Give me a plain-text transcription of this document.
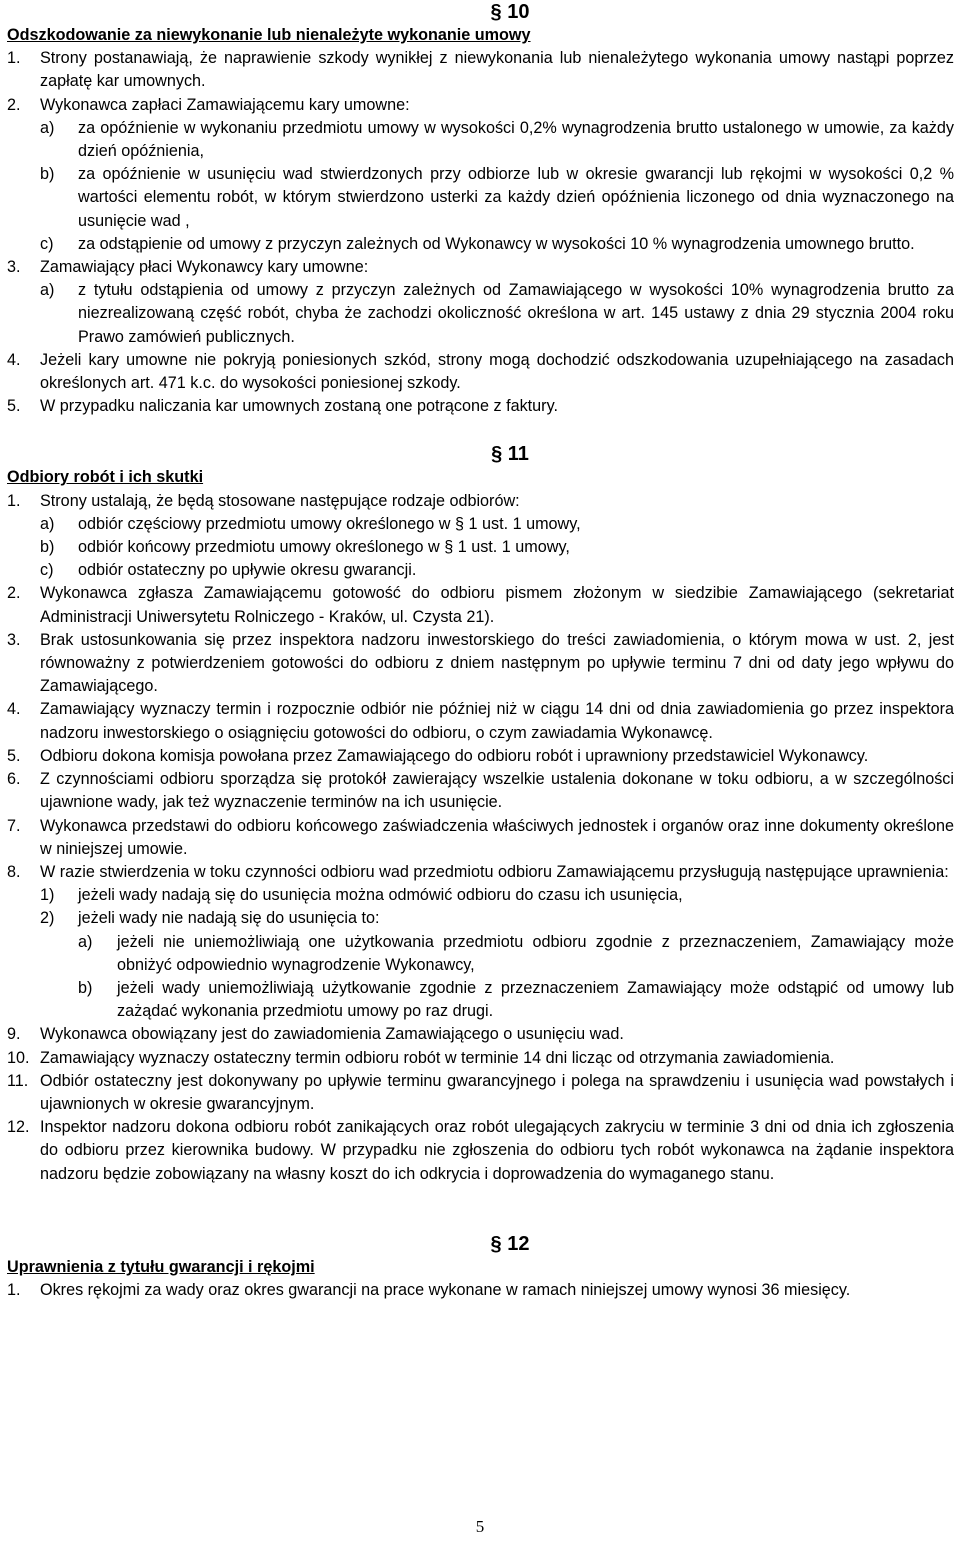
§ 10
Odszkodowanie za niewykonanie lub nienależyte wykonanie umowy
1. Strony postanawiają, że naprawienie szkody wynikłej z niewykonania lub nienależytego wykonania umowy nastąpi poprzez zapłatę kar umownych.
2. Wykonawca zapłaci Zamawiającemu kary umowne:
a) za opóźnienie w wykonaniu przedmiotu umowy w wysokości 0,2% wynagrodzenia brutto ustalonego w umowie, za każdy dzień opóźnienia,
b) za opóźnienie w usunięciu wad stwierdzonych przy odbiorze lub w okresie gwarancji lub rękojmi w wysokości 0,2 % wartości elementu robót, w którym stwierdzono usterki za każdy dzień opóźnienia liczonego od dnia wyznaczonego na usunięcie wad ,
c) za odstąpienie od umowy z przyczyn zależnych od Wykonawcy w wysokości 10 % wynagrodzenia umownego brutto.
3. Zamawiający płaci Wykonawcy kary umowne:
a) z tytułu odstąpienia od umowy z przyczyn zależnych od Zamawiającego w wysokości 10% wynagrodzenia brutto za niezrealizowaną część robót, chyba że zachodzi okoliczność określona w art. 145 ustawy z dnia 29 stycznia 2004 roku Prawo zamówień publicznych.
4. Jeżeli kary umowne nie pokryją poniesionych szkód, strony mogą dochodzić odszkodowania uzupełniającego na zasadach określonych art. 471 k.c. do wysokości poniesionej szkody.
5. W przypadku naliczania kar umownych zostaną one potrącone z faktury.
§ 11
Odbiory robót i ich skutki
1. Strony ustalają, że będą stosowane następujące rodzaje odbiorów:
a) odbiór częściowy przedmiotu umowy określonego w § 1 ust. 1 umowy,
b) odbiór końcowy przedmiotu umowy określonego w § 1 ust. 1 umowy,
c) odbiór ostateczny po upływie okresu gwarancji.
2. Wykonawca zgłasza Zamawiającemu gotowość do odbioru pismem złożonym w siedzibie Zamawiającego (sekretariat Administracji Uniwersytetu Rolniczego - Kraków, ul. Czysta 21).
3. Brak ustosunkowania się przez inspektora nadzoru inwestorskiego do treści zawiadomienia, o którym mowa w ust. 2, jest równoważny z potwierdzeniem gotowości do odbioru z dniem następnym po upływie terminu 7 dni od daty jego wpływu do Zamawiającego.
4. Zamawiający wyznaczy termin i rozpocznie odbiór nie później niż w ciągu 14 dni od dnia zawiadomienia go przez inspektora nadzoru inwestorskiego o osiągnięciu gotowości do odbioru, o czym zawiadamia Wykonawcę.
5. Odbioru dokona komisja powołana przez Zamawiającego do odbioru robót i uprawniony przedstawiciel Wykonawcy.
6. Z czynnościami odbioru sporządza się protokół zawierający wszelkie ustalenia dokonane w toku odbioru, a w szczególności ujawnione wady, jak też wyznaczenie terminów na ich usunięcie.
7. Wykonawca przedstawi do odbioru końcowego zaświadczenia właściwych jednostek i organów oraz inne dokumenty określone w niniejszej umowie.
8. W razie stwierdzenia w toku czynności odbioru wad przedmiotu odbioru Zamawiającemu przysługują następujące uprawnienia:
1) jeżeli wady nadają się do usunięcia można odmówić odbioru do czasu ich usunięcia,
2) jeżeli wady nie nadają się do usunięcia to:
a) jeżeli nie uniemożliwiają one użytkowania przedmiotu odbioru zgodnie z przeznaczeniem, Zamawiający może obniżyć odpowiednio wynagrodzenie Wykonawcy,
b) jeżeli wady uniemożliwiają użytkowanie zgodnie z przeznaczeniem Zamawiający może odstąpić od umowy lub zażądać wykonania przedmiotu umowy po raz drugi.
9. Wykonawca obowiązany jest do zawiadomienia Zamawiającego o usunięciu wad.
10. Zamawiający wyznaczy ostateczny termin odbioru robót w terminie 14 dni licząc od otrzymania zawiadomienia.
11. Odbiór ostateczny jest dokonywany po upływie terminu gwarancyjnego i polega na sprawdzeniu i usunięcia wad powstałych i ujawnionych w okresie gwarancyjnym.
12. Inspektor nadzoru dokona odbioru robót zanikających oraz robót ulegających zakryciu w terminie 3 dni od dnia ich zgłoszenia do odbioru przez kierownika budowy. W przypadku nie zgłoszenia do odbioru tych robót wykonawca na żądanie inspektora nadzoru będzie zobowiązany na własny koszt do ich odkrycia i doprowadzenia do wymaganego stanu.
§ 12
Uprawnienia z tytułu gwarancji i rękojmi
1. Okres rękojmi za wady oraz okres gwarancji na prace wykonane w ramach niniejszej umowy wynosi 36 miesięcy.
5
